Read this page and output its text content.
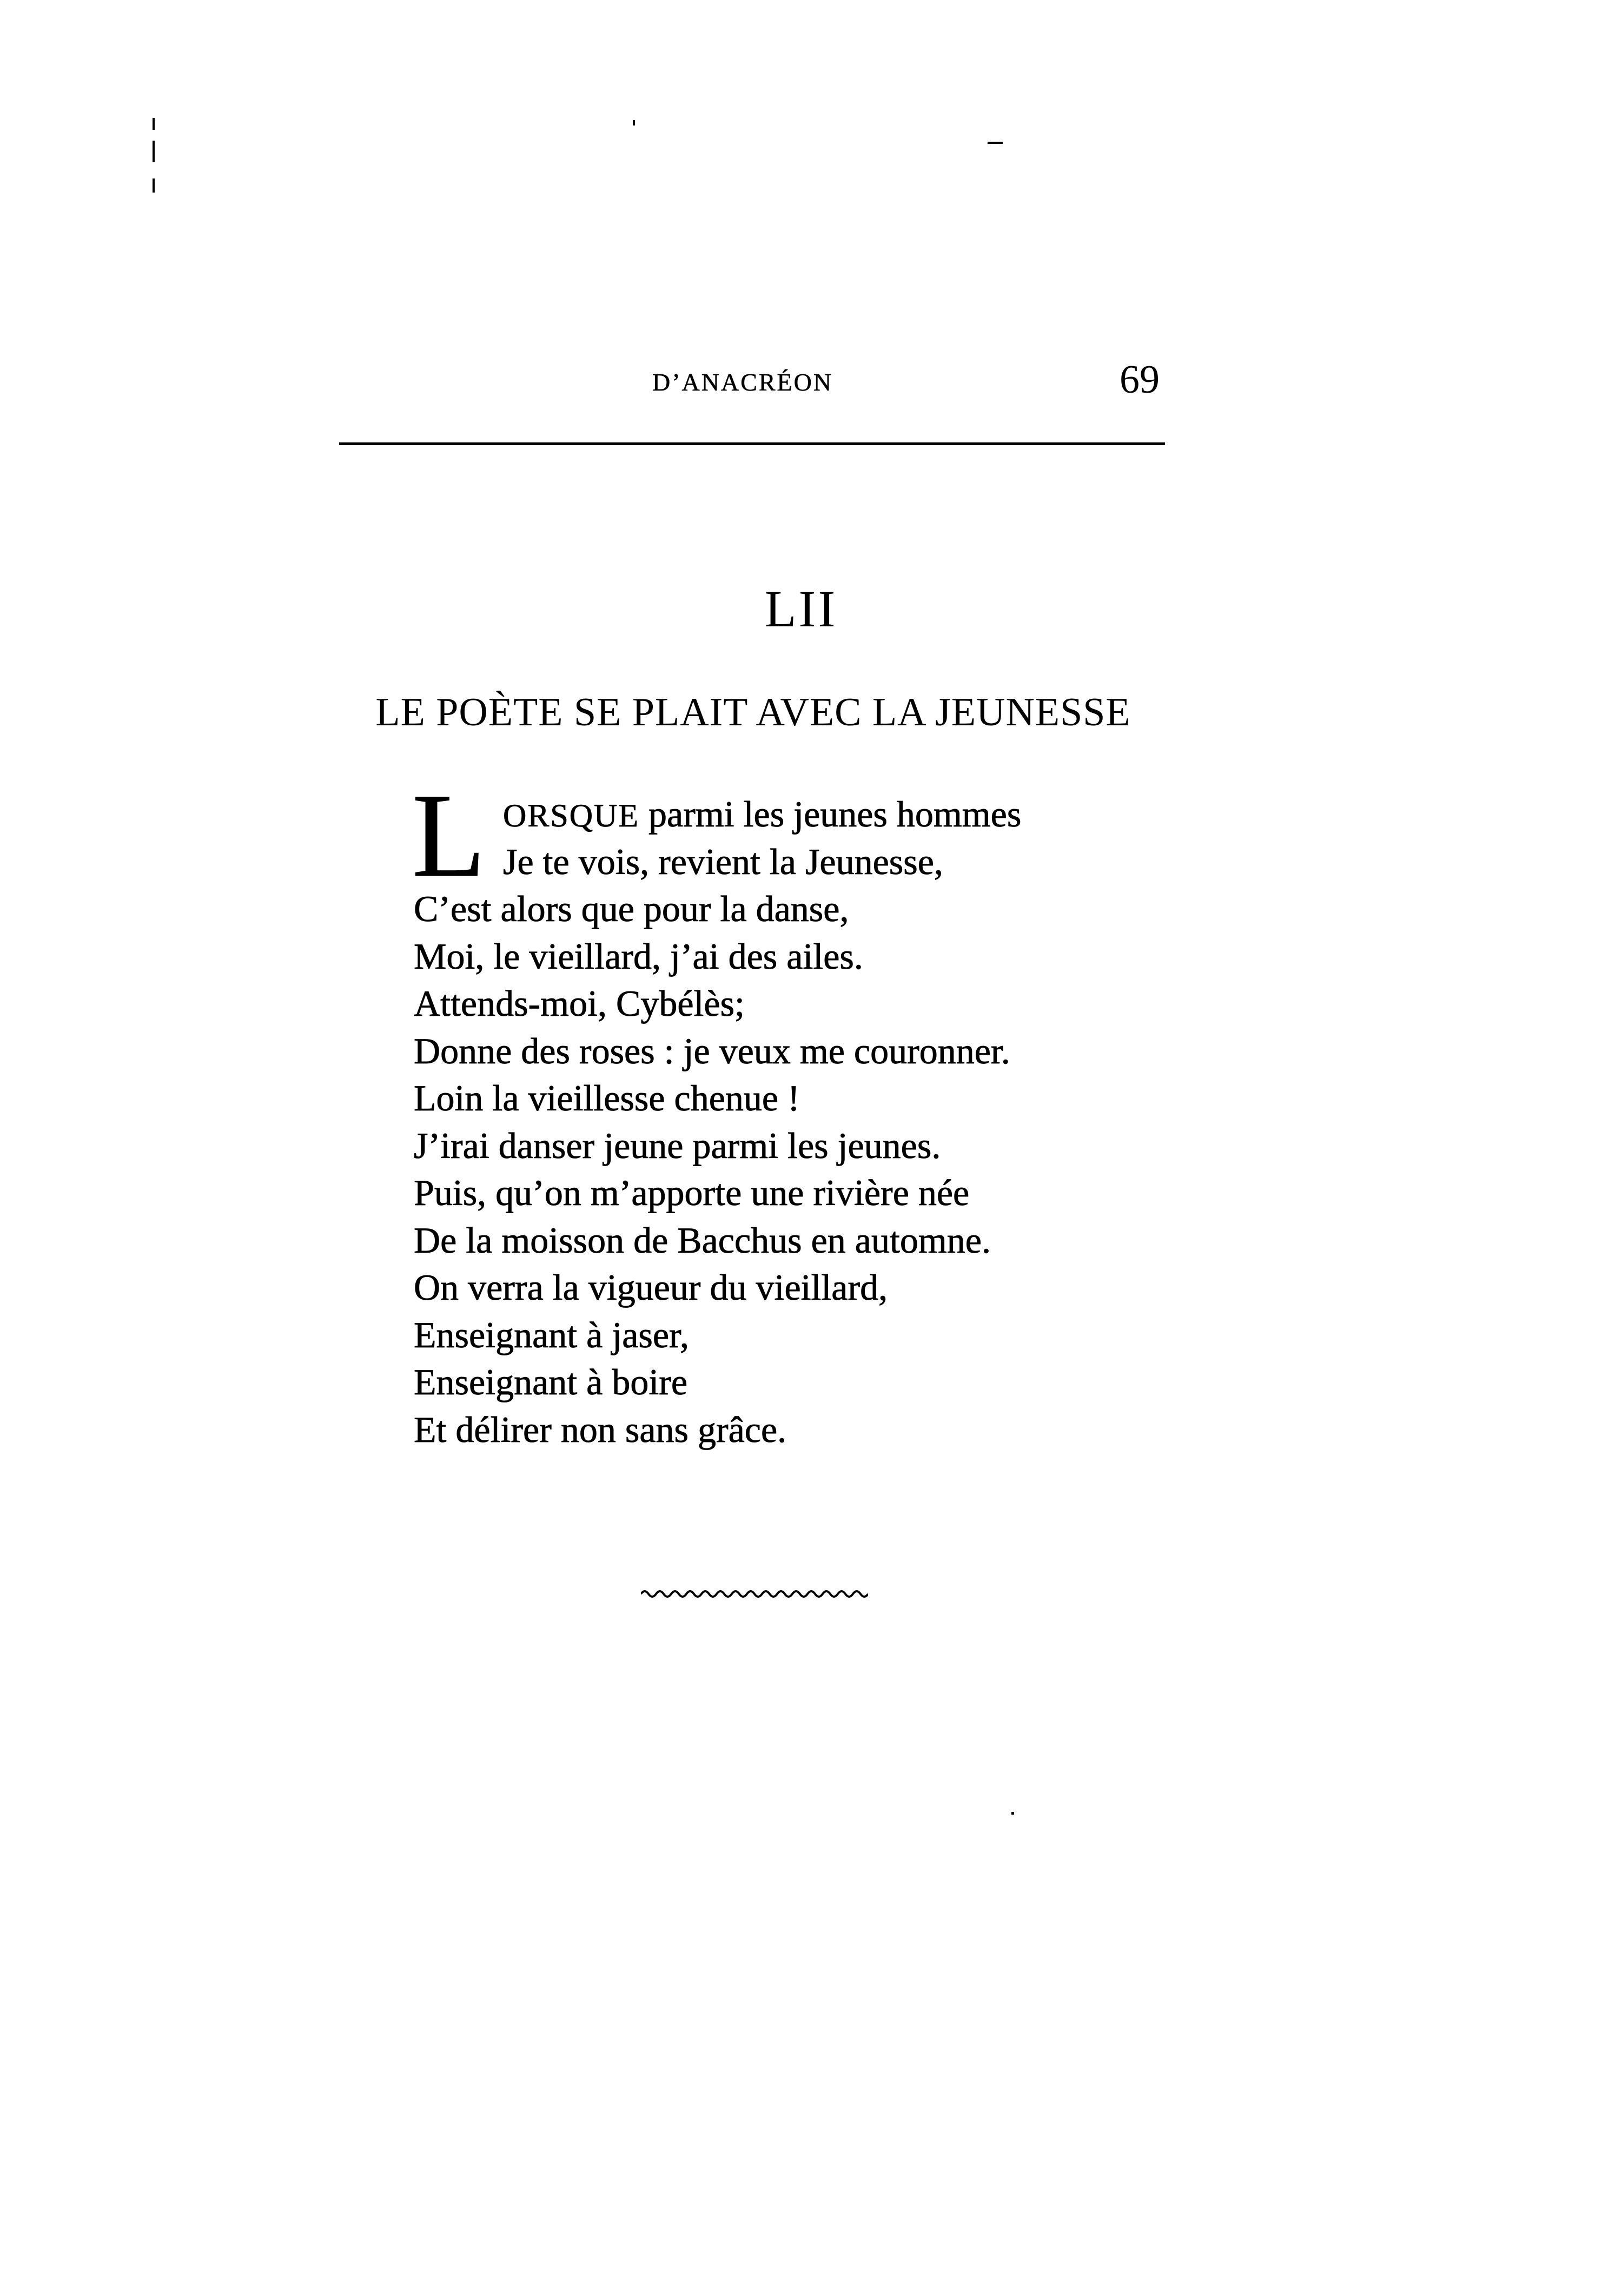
D’ANACRÉON	69
LII
LE POÈTE SE PLAIT AVEC LA JEUNESSE
L ORSQUE parmi les jeunes hommes
Je te vois, revient la Jeunesse,
C’est alors que pour la danse,
Moi, le vieillard, j’ai des ailes.
Attends-moi, Cybélès;
Donne des roses : je veux me couronner.
Loin la vieillesse chenue !
J’irai danser jeune parmi les jeunes.
Puis, qu’on m’apporte une rivière née
De la moisson de Bacchus en automne.
On verra la vigueur du vieillard,
Enseignant à jaser,
Enseignant à boire
Et délirer non sans grâce.
